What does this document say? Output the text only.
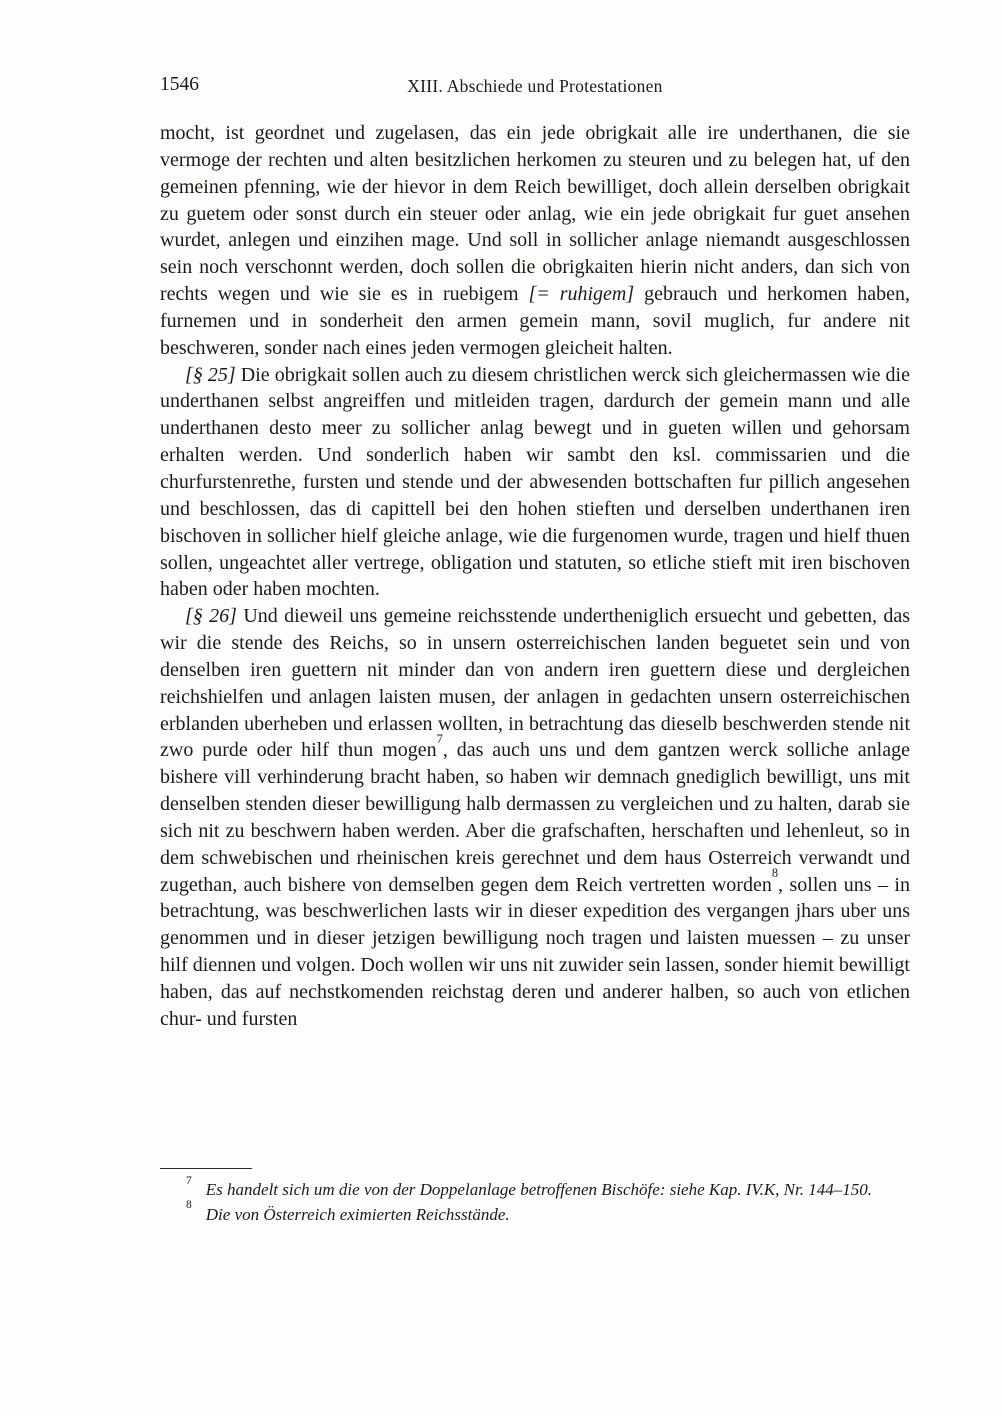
1546	XIII. Abschiede und Protestationen

mocht, ist geordnet und zugelasen, das ein jede obrigkait alle ire underthanen, die sie vermoge der rechten und alten besitzlichen herkomen zu steuren und zu belegen hat, uf den gemeinen pfenning, wie der hievor in dem Reich bewilliget, doch allein derselben obrigkait zu guetem oder sonst durch ein steuer oder anlag, wie ein jede obrigkait fur guet ansehen wurdet, anlegen und einzihen mage. Und soll in sollicher anlage niemandt ausgeschlossen sein noch verschonnt werden, doch sollen die obrigkaiten hierin nicht anders, dan sich von rechts wegen und wie sie es in ruebigem [= ruhigem] gebrauch und herkomen haben, furnemen und in sonderheit den armen gemein mann, sovil muglich, fur andere nit beschweren, sonder nach eines jeden vermogen gleicheit halten.

[§ 25] Die obrigkait sollen auch zu diesem christlichen werck sich gleichermassen wie die underthanen selbst angreiffen und mitleiden tragen, dardurch der gemein mann und alle underthanen desto meer zu sollicher anlag bewegt und in gueten willen und gehorsam erhalten werden. Und sonderlich haben wir sambt den ksl. commissarien und die churfurstenrethe, fursten und stende und der abwesenden bottschaften fur pillich angesehen und beschlossen, das di capittell bei den hohen stieften und derselben underthanen iren bischoven in sollicher hielf gleiche anlage, wie die furgenomen wurde, tragen und hielf thuen sollen, ungeachtet aller vertrege, obligation und statuten, so etliche stieft mit iren bischoven haben oder haben mochten.

[§ 26] Und dieweil uns gemeine reichsstende undertheniglich ersuecht und gebetten, das wir die stende des Reichs, so in unsern osterreichischen landen beguetet sein und von denselben iren guettern nit minder dan von andern iren guettern diese und dergleichen reichshielfen und anlagen laisten musen, der anlagen in gedachten unsern osterreichischen erblanden uberheben und erlassen wollten, in betrachtung das dieselb beschwerden stende nit zwo purde oder hilf thun mogen$^7$, das auch uns und dem gantzen werck solliche anlage bishere vill verhinderung bracht haben, so haben wir demnach gnediglich bewilligt, uns mit denselben stenden dieser bewilligung halb dermassen zu vergleichen und zu halten, darab sie sich nit zu beschwern haben werden. Aber die grafschaften, herschaften und lehenleut, so in dem schwebischen und rheinischen kreis gerechnet und dem haus Osterreich verwandt und zugethan, auch bishere von demselben gegen dem Reich vertretten worden$^8$, sollen uns – in betrachtung, was beschwerlichen lasts wir in dieser expedition des vergangen jhars uber uns genommen und in dieser jetzigen bewilligung noch tragen und laisten muessen – zu unser hilf diennen und volgen. Doch wollen wir uns nit zuwider sein lassen, sonder hiemit bewilligt haben, das auf nechstkomenden reichstag deren und anderer halben, so auch von etlichen chur- und fursten

$^7$ Es handelt sich um die von der Doppelanlage betroffenen Bischöfe: siehe Kap. IV.K, Nr. 144–150.

$^8$ Die von Österreich eximierten Reichsstände.
